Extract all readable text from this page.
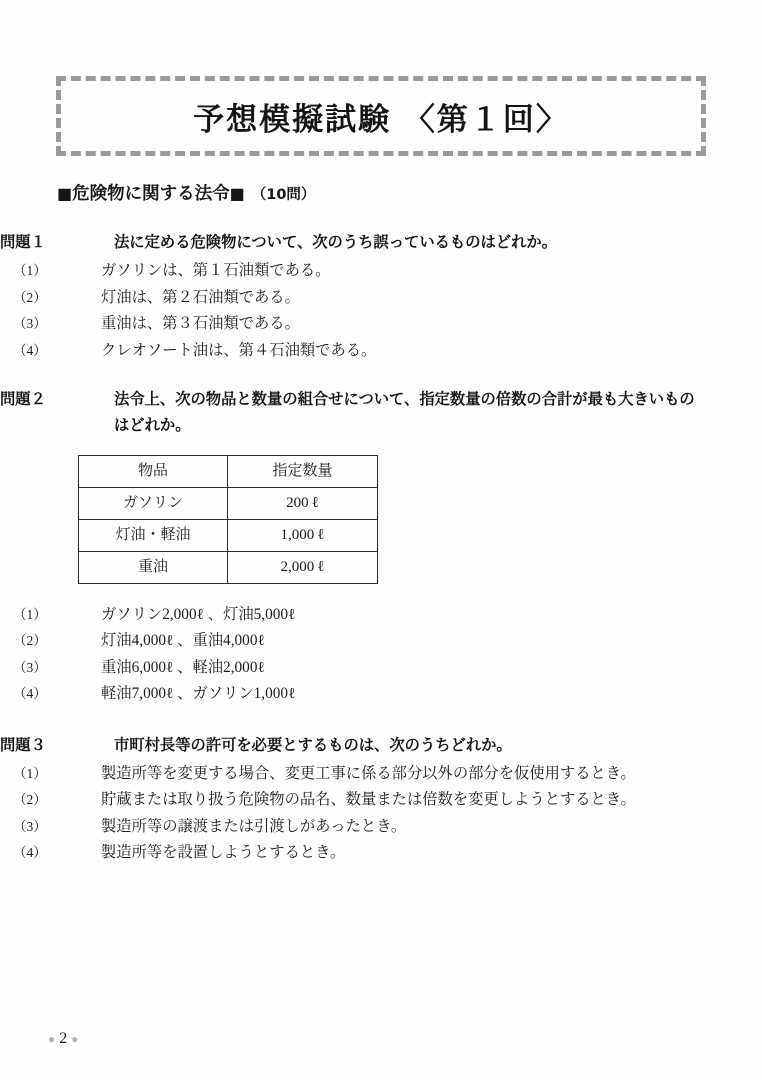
予想模擬試験 〈第１回〉
■危険物に関する法令■ （10問）
問題１	法に定める危険物について、次のうち誤っているものはどれか。
（1）	ガソリンは、第１石油類である。
（2）	灯油は、第２石油類である。
（3）	重油は、第３石油類である。
（4）	クレオソート油は、第４石油類である。
問題２	法令上、次の物品と数量の組合せについて、指定数量の倍数の合計が最も大きいものはどれか。
物品	指定数量
ガソリン	200 ℓ
灯油・軽油	1,000 ℓ
重油	2,000 ℓ
（1）	ガソリン2,000ℓ 、灯油5,000ℓ
（2）	灯油4,000ℓ 、重油4,000ℓ
（3）	重油6,000ℓ 、軽油2,000ℓ
（4）	軽油7,000ℓ 、ガソリン1,000ℓ
問題３	市町村長等の許可を必要とするものは、次のうちどれか。
（1）	製造所等を変更する場合、変更工事に係る部分以外の部分を仮使用するとき。
（2）	貯蔵または取り扱う危険物の品名、数量または倍数を変更しようとするとき。
（3）	製造所等の譲渡または引渡しがあったとき。
（4）	製造所等を設置しようとするとき。
● 2 ●
